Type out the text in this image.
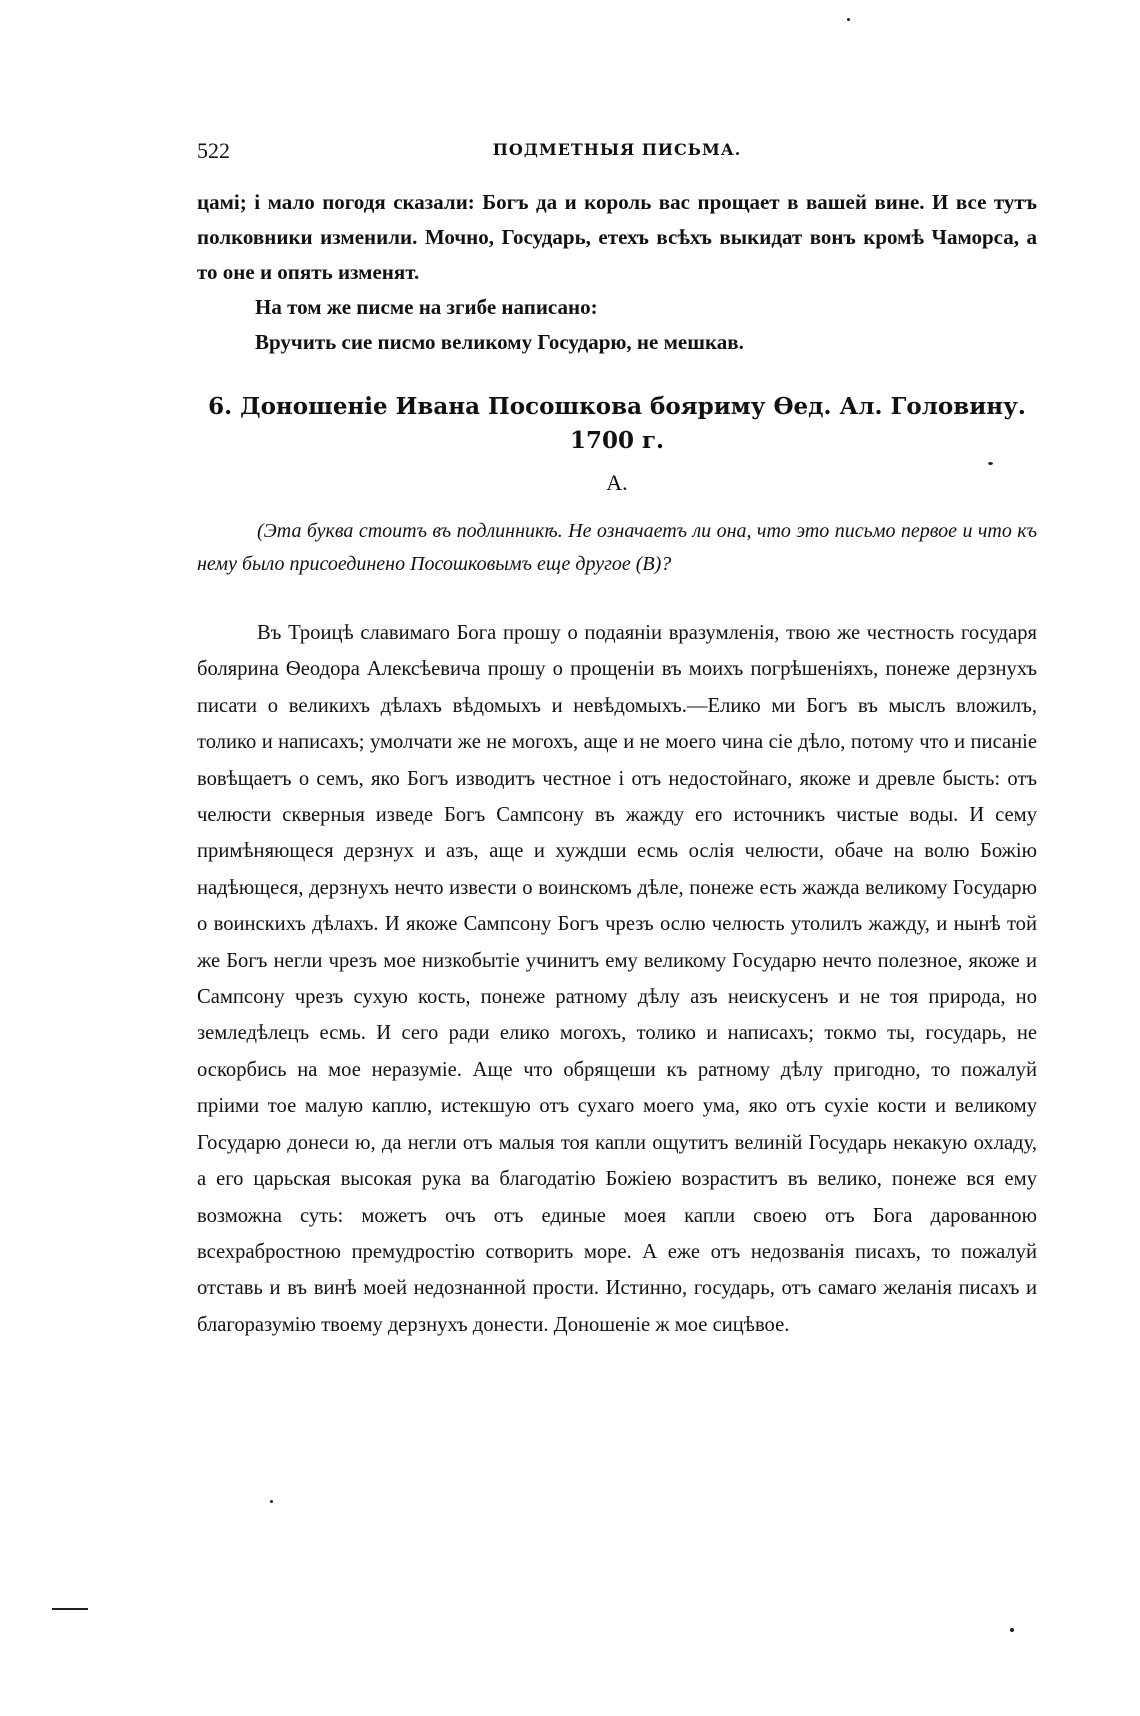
522	ПОДМЕТНЫЯ ПИСЬМА.

цамі; і мало погодя сказали: Богъ да и король вас прощает в вашей вине. И все тутъ полковники изменили. Мочно, Государь, етехъ всѣхъ выкидат вонъ кромѣ Чаморса, а то оне и опять изменят.

На том же писме на згибе написано:

Вручить сие писмо великому Государю, не мешкав.

6. Доношеніе Ивана Посошкова бояриму Ѳед. Ал. Головину. 1700 г.
А.
(Эта буква стоитъ въ подлинникѣ. Не означаетъ ли она, что это письмо первое и что къ нему было присоединено Посошковымъ еще другое (В)?
Въ Троицѣ славимаго Бога прошу о подаяніи вразумленія, твою же честность государя болярина Ѳеодора Алексѣевича прошу о прощеніи въ моихъ погрѣшеніяхъ, понеже дерзнухъ писати о великихъ дѣлахъ вѣдомыхъ и невѣдомыхъ.—Елико ми Богъ въ мыслъ вложилъ, толико и написахъ; умолчати же не могохъ, аще и не моего чина сіе дѣло, потому что и писаніе вовѣщаетъ о семъ, яко Богъ изводитъ честное і отъ недостойнаго, якоже и древле бысть: отъ челюсти скверныя изведе Богъ Сампсону въ жажду его источникъ чистые воды. И сему примѣняющеся дерзнух и азъ, аще и хуждши есмь ослія челюсти, обаче на волю Божію надѣющеся, дерзнухъ нечто извести о воинскомъ дѣле, понеже есть жажда великому Государю о воинскихъ дѣлахъ. И якоже Сампсону Богъ чрезъ ослю челюсть утолилъ жажду, и нынѣ той же Богъ негли чрезъ мое низкобытіе учинитъ ему великому Государю нечто полезное, якоже и Сампсону чрезъ сухую кость, понеже ратному дѣлу азъ неискусенъ и не тоя природа, но земледѣлецъ есмь. И сего ради елико могохъ, толико и написахъ; токмо ты, государь, не оскорбись на мое неразуміе. Аще что обрящеши къ ратному дѣлу пригодно, то пожалуй пріими тое малую каплю, истекшую отъ сухаго моего ума, яко отъ сухіе кости и великому Государю донеси ю, да негли отъ малыя тоя капли ощутитъ велиній Государь некакую охладу, а его царьская высокая рука ва благодатію Божіею возраститъ въ велико, понеже вся ему возможна суть: можетъ очъ отъ единые моея капли своею отъ Бога дарованною всехрабростною премудростію сотворить море. А еже отъ недозванія писахъ, то пожалуй отставь и въ винѣ моей недознанной прости. Истинно, государь, отъ самаго желанія писахъ и благоразумію твоему дерзнухъ донести. Доношеніе ж мое сицѣвое.
